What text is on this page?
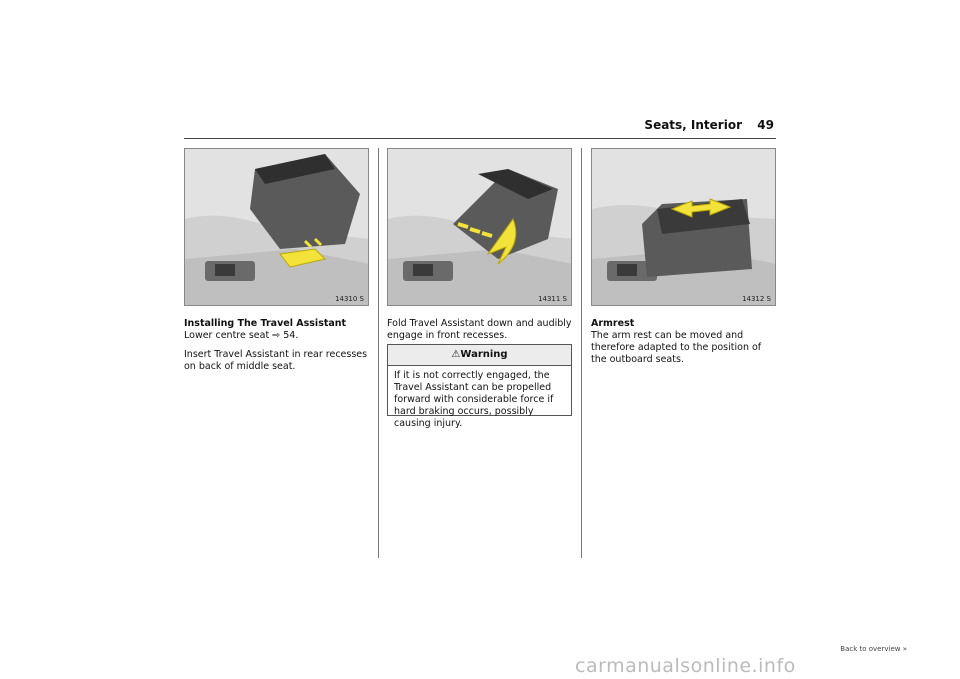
Seats, Interior 49
14310 S	14311 S	14312 S
Installing The Travel Assistant
Lower centre seat ⇨ 54.
Insert Travel Assistant in rear recesses on back of middle seat.
Fold Travel Assistant down and audibly engage in front recesses.
⚠Warning
If it is not correctly engaged, the Travel Assistant can be propelled forward with considerable force if hard braking occurs, possibly causing injury.
Armrest
The arm rest can be moved and therefore adapted to the position of the outboard seats.
Back to overview »
carmanualsonline.info
